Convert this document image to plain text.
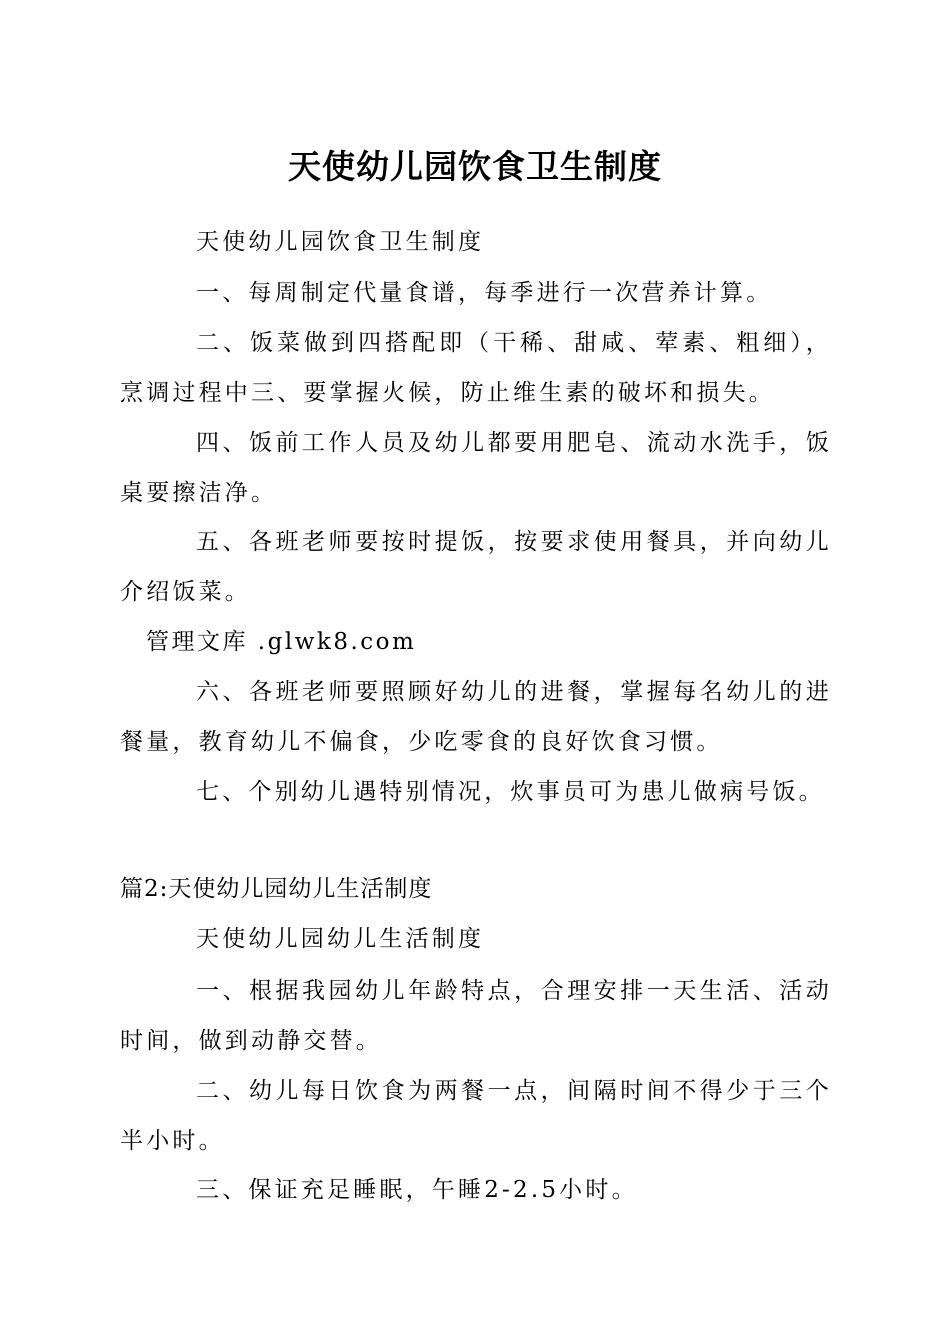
天使幼儿园饮食卫生制度

天使幼儿园饮食卫生制度

一、每周制定代量食谱，每季进行一次营养计算。

二、饭菜做到四搭配即（干稀、甜咸、荤素、粗细），烹调过程中三、要掌握火候，防止维生素的破坏和损失。

四、饭前工作人员及幼儿都要用肥皂、流动水洗手，饭桌要擦洁净。

五、各班老师要按时提饭，按要求使用餐具，并向幼儿介绍饭菜。

管理文库 .glwk8.com

六、各班老师要照顾好幼儿的进餐，掌握每名幼儿的进餐量，教育幼儿不偏食，少吃零食的良好饮食习惯。

七、个别幼儿遇特别情况，炊事员可为患儿做病号饭。

篇2:天使幼儿园幼儿生活制度

天使幼儿园幼儿生活制度

一、根据我园幼儿年龄特点，合理安排一天生活、活动时间，做到动静交替。

二、幼儿每日饮食为两餐一点，间隔时间不得少于三个半小时。

三、保证充足睡眠，午睡2-2.5小时。
